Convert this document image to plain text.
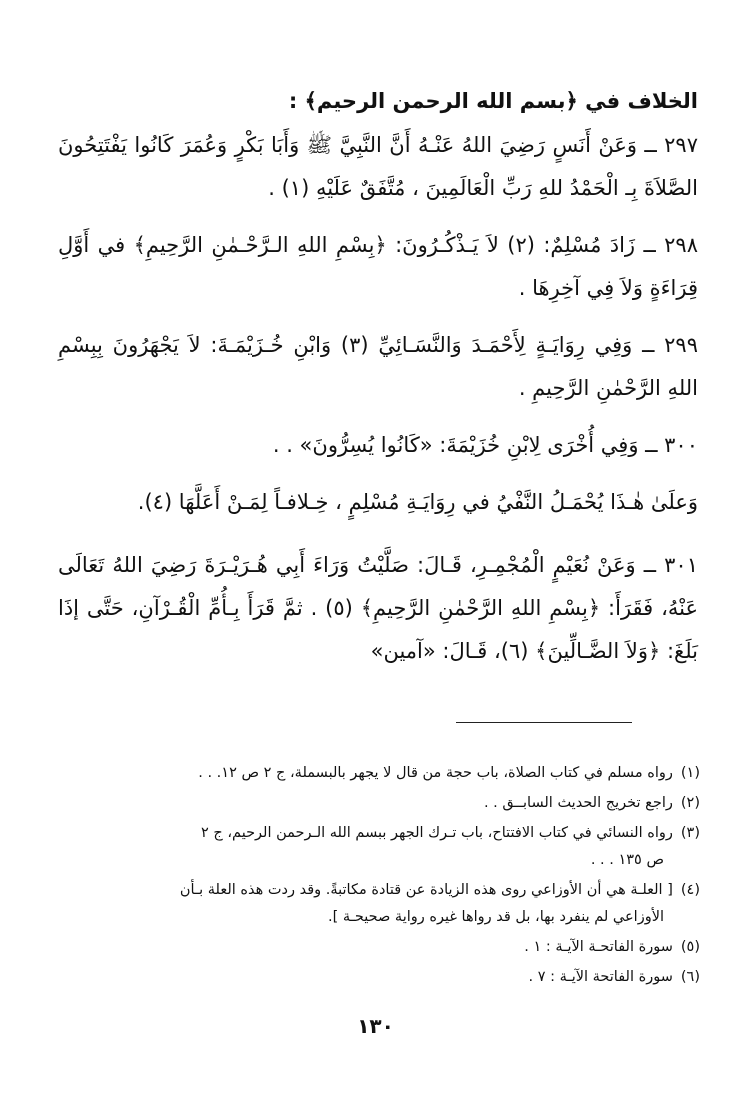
الخلاف في ﴿بسم الله الرحمن الرحيم﴾ :

٢٩٧ ــ وَعَنْ أَنَسٍ رَضِيَ اللهُ عَنْـهُ أَنَّ النَّبِيَّ ﷺ وَأَبَا بَكْرٍ وَعُمَرَ كَانُوا يَفْتَتِحُونَ الصَّلاَةَ بِـ الْحَمْدُ للهِ رَبِّ الْعَالَمِينَ ، مُتَّفَقٌ عَلَيْهِ (١) .

٢٩٨ ــ زَادَ مُسْلِمٌ: (٢) لاَ يَـذْكُـرُونَ: ﴿بِسْمِ اللهِ الـرَّحْـمٰنِ الرَّحِيمِ﴾ في أَوَّلِ قِرَاءَةٍ وَلاَ فِي آخِرِهَا .

٢٩٩ ــ وَفِي رِوَايَـةٍ لِأَحْمَـدَ وَالنَّسَـائِيِّ (٣) وَابْنِ خُـزَيْمَـةَ: لاَ يَجْهَرُونَ بِبِسْمِ اللهِ الرَّحْمٰنِ الرَّحِيمِ .

٣٠٠ ــ وَفِي أُخْرَى لِابْنِ خُزَيْمَةَ: «كَانُوا يُسِرُّونَ» . .

وَعلَىٰ هٰـذَا يُحْمَـلُ النَّفْيُ في رِوَايَـةِ مُسْلِمٍ ، خِـلافـاً لِمَـنْ أَعَلَّهَا (٤).

٣٠١ ــ وَعَنْ نُعَيْمٍ الْمُجْمِـرِ، قَـالَ: صَلَّيْتُ وَرَاءَ أَبِي هُـرَيْـرَةَ رَضِيَ اللهُ تَعَالَى عَنْهُ، فَقَرَأَ: ﴿بِسْمِ اللهِ الرَّحْمٰنِ الرَّحِيمِ﴾ (٥) . ثمَّ قَرَأَ بِـأُمِّ الْقُـرْآنِ، حَتَّى إذَا بَلَغَ: ﴿وَلاَ الضَّـالِّينَ﴾ (٦)، قَـالَ: «آمين»

(١)رواه مسلم في كتاب الصلاة، باب حجة من قال لا يجهر بالبسملة، ج ٢ ص ١٢. . .
(٢)راجع تخريج الحديث السابــق . .
(٣)رواه النسائي في كتاب الافتتاح، باب تـرك الجهر ببسم الله الـرحمن الرحيم، ج ٢
ص ١٣٥ . . .
(٤)[ العلـة هي أن الأوزاعي روى هذه الزيادة عن قتادة مكاتبةً. وقد ردت هذه العلة بـأن
الأوزاعي لم ينفرد بها، بل قد رواها غيره رواية صحيحـة ].
(٥)سورة الفاتحـة الآيـة : ١ .
(٦)سورة الفاتحة الآيـة : ٧ .
١٣٠
